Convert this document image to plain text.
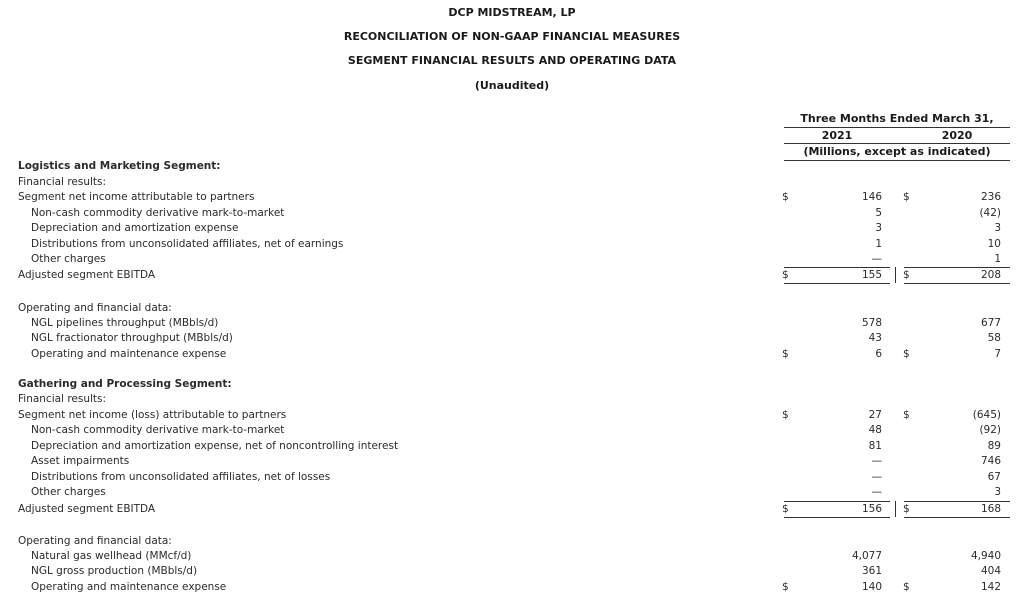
DCP MIDSTREAM, LP
RECONCILIATION OF NON-GAAP FINANCIAL MEASURES
SEGMENT FINANCIAL RESULTS AND OPERATING DATA
(Unaudited)
Three Months Ended March 31,
2021	2020
(Millions, except as indicated)
Logistics and Marketing Segment:
Financial results:
Segment net income attributable to partners	$	146 $	236
Non-cash commodity derivative mark-to-market	5	(42)
Depreciation and amortization expense	3	3
Distributions from unconsolidated affiliates, net of earnings	1	10
Other charges	—	1
Adjusted segment EBITDA	$	155 $	208
Operating and financial data:
NGL pipelines throughput (MBbls/d)	578	677
NGL fractionator throughput (MBbls/d)	43	58
Operating and maintenance expense	$	6 $	7
Gathering and Processing Segment:
Financial results:
Segment net income (loss) attributable to partners	$	27 $	(645)
Non-cash commodity derivative mark-to-market	48	(92)
Depreciation and amortization expense, net of noncontrolling interest	81	89
Asset impairments	—	746
Distributions from unconsolidated affiliates, net of losses	—	67
Other charges	—	3
Adjusted segment EBITDA	$	156 $	168
Operating and financial data:
Natural gas wellhead (MMcf/d)	4,077	4,940
NGL gross production (MBbls/d)	361	404
Operating and maintenance expense	$	140 $	142
